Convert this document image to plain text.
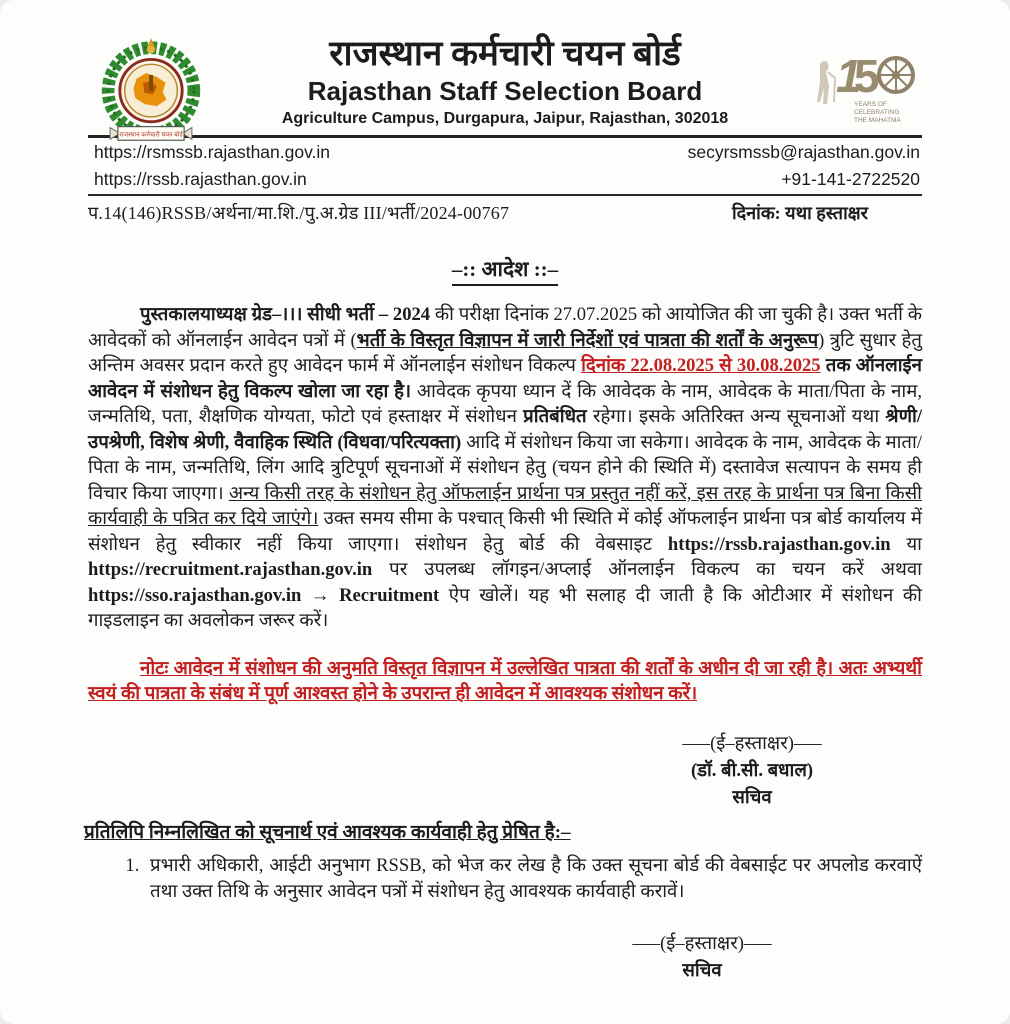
राजस्थान कर्मचारी चयन बोर्ड
1
5
YEARS OF
CELEBRATING
THE MAHATMA
राजस्थान कर्मचारी चयन बोर्ड
Rajasthan Staff Selection Board
Agriculture Campus, Durgapura, Jaipur, Rajasthan, 302018
https://rsmssb.rajasthan.gov.in	secyrsmssb@rajasthan.gov.in
https://rssb.rajasthan.gov.in	+91-141-2722520
प.14(146)RSSB/अर्थना/मा.शि./पु.अ.ग्रेड III/भर्ती/2024-00767	दिनांक: यथा हस्ताक्षर
–:: आदेश ::–

पुस्तकालयाध्यक्ष ग्रेड–।।। सीधी भर्ती – 2024 की परीक्षा दिनांक 27.07.2025 को आयोजित की जा चुकी है। उक्त भर्ती के आवेदकों को ऑनलाईन आवेदन पत्रों में (भर्ती के विस्तृत विज्ञापन में जारी निर्देशों एवं पात्रता की शर्तों के अनुरूप) त्रुटि सुधार हेतु अन्तिम अवसर प्रदान करते हुए आवेदन फार्म में ऑनलाईन संशोधन विकल्प दिनांक 22.08.2025 से 30.08.2025 तक ऑनलाईन आवेदन में संशोधन हेतु विकल्प खोला जा रहा है। आवेदक कृपया ध्यान दें कि आवेदक के नाम, आवेदक के माता/पिता के नाम, जन्मतिथि, पता, शैक्षणिक योग्यता, फोटो एवं हस्ताक्षर में संशोधन प्रतिबंधित रहेगा। इसके अतिरिक्त अन्य सूचनाओं यथा श्रेणी/उपश्रेणी, विशेष श्रेणी, वैवाहिक स्थिति (विधवा/परित्यक्ता) आदि में संशोधन किया जा सकेगा। आवेदक के नाम, आवेदक के माता/पिता के नाम, जन्मतिथि, लिंग आदि त्रुटिपूर्ण सूचनाओं में संशोधन हेतु (चयन होने की स्थिति में) दस्तावेज सत्यापन के समय ही विचार किया जाएगा। अन्य किसी तरह के संशोधन हेतु ऑफलाईन प्रार्थना पत्र प्रस्तुत नहीं करें, इस तरह के प्रार्थना पत्र बिना किसी कार्यवाही के पत्रित कर दिये जाएंगे। उक्त समय सीमा के पश्चात् किसी भी स्थिति में कोई ऑफलाईन प्रार्थना पत्र बोर्ड कार्यालय में संशोधन हेतु स्वीकार नहीं किया जाएगा। संशोधन हेतु बोर्ड की वेबसाइट https://rssb.rajasthan.gov.in या https://recruitment.rajasthan.gov.in पर उपलब्ध लॉगइन/अप्लाई ऑनलाईन विकल्प का चयन करें अथवा https://sso.rajasthan.gov.in → Recruitment ऐप खोलें। यह भी सलाह दी जाती है कि ओटीआर में संशोधन की गाइडलाइन का अवलोकन जरूर करें।

नोटः आवेदन में संशोधन की अनुमति विस्तृत विज्ञापन में उल्लेखित पात्रता की शर्तों के अधीन दी जा रही है। अतः अभ्यर्थी स्वयं की पात्रता के संबंध में पूर्ण आश्वस्त होने के उपरान्त ही आवेदन में आवश्यक संशोधन करें।

–––(ई–हस्ताक्षर)–––
(डॉ. बी.सी. बधाल)
सचिव
प्रतिलिपि निम्नलिखित को सूचनार्थ एवं आवश्यक कार्यवाही हेतु प्रेषित है:–
1. प्रभारी अधिकारी, आईटी अनुभाग RSSB, को भेज कर लेख है कि उक्त सूचना बोर्ड की वेबसाईट पर अपलोड करवाऐं तथा उक्त तिथि के अनुसार आवेदन पत्रों में संशोधन हेतु आवश्यक कार्यवाही करावें।
–––(ई–हस्ताक्षर)–––
सचिव
